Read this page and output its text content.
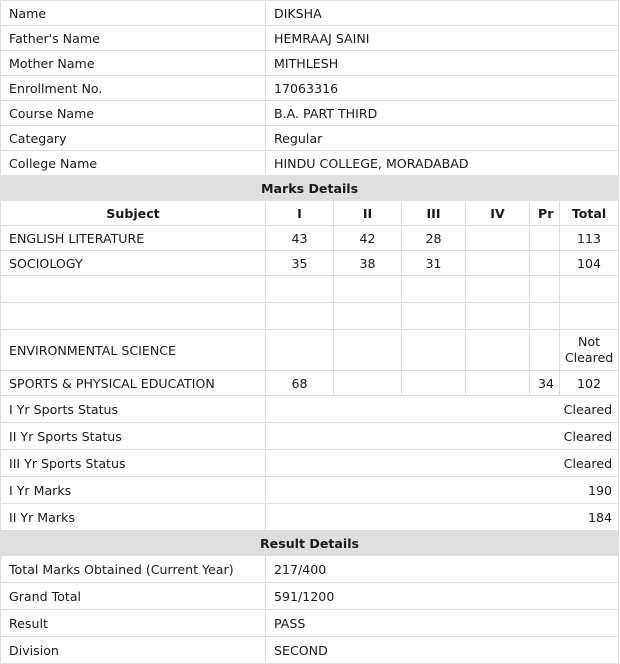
Name	DIKSHA					
Father's Name	HEMRAAJ SAINI					
Mother Name	MITHLESH					
Enrollment No.	17063316					
Course Name	B.A. PART THIRD					
Categary	Regular					
College Name	HINDU COLLEGE, MORADABAD					
Marks Details						
Subject	I	II	III	IV	Pr	Total
ENGLISH LITERATURE	43	42	28			113
SOCIOLOGY	35	38	31			104

ENVIRONMENTAL SCIENCE						Not Cleared
SPORTS & PHYSICAL EDUCATION	68				34	102
I Yr Sports Status	Cleared					
II Yr Sports Status	Cleared					
III Yr Sports Status	Cleared					
I Yr Marks	190					
II Yr Marks	184					
Result Details						
Total Marks Obtained (Current Year)	217/400					
Grand Total	591/1200					
Result	PASS					
Division	SECOND					
